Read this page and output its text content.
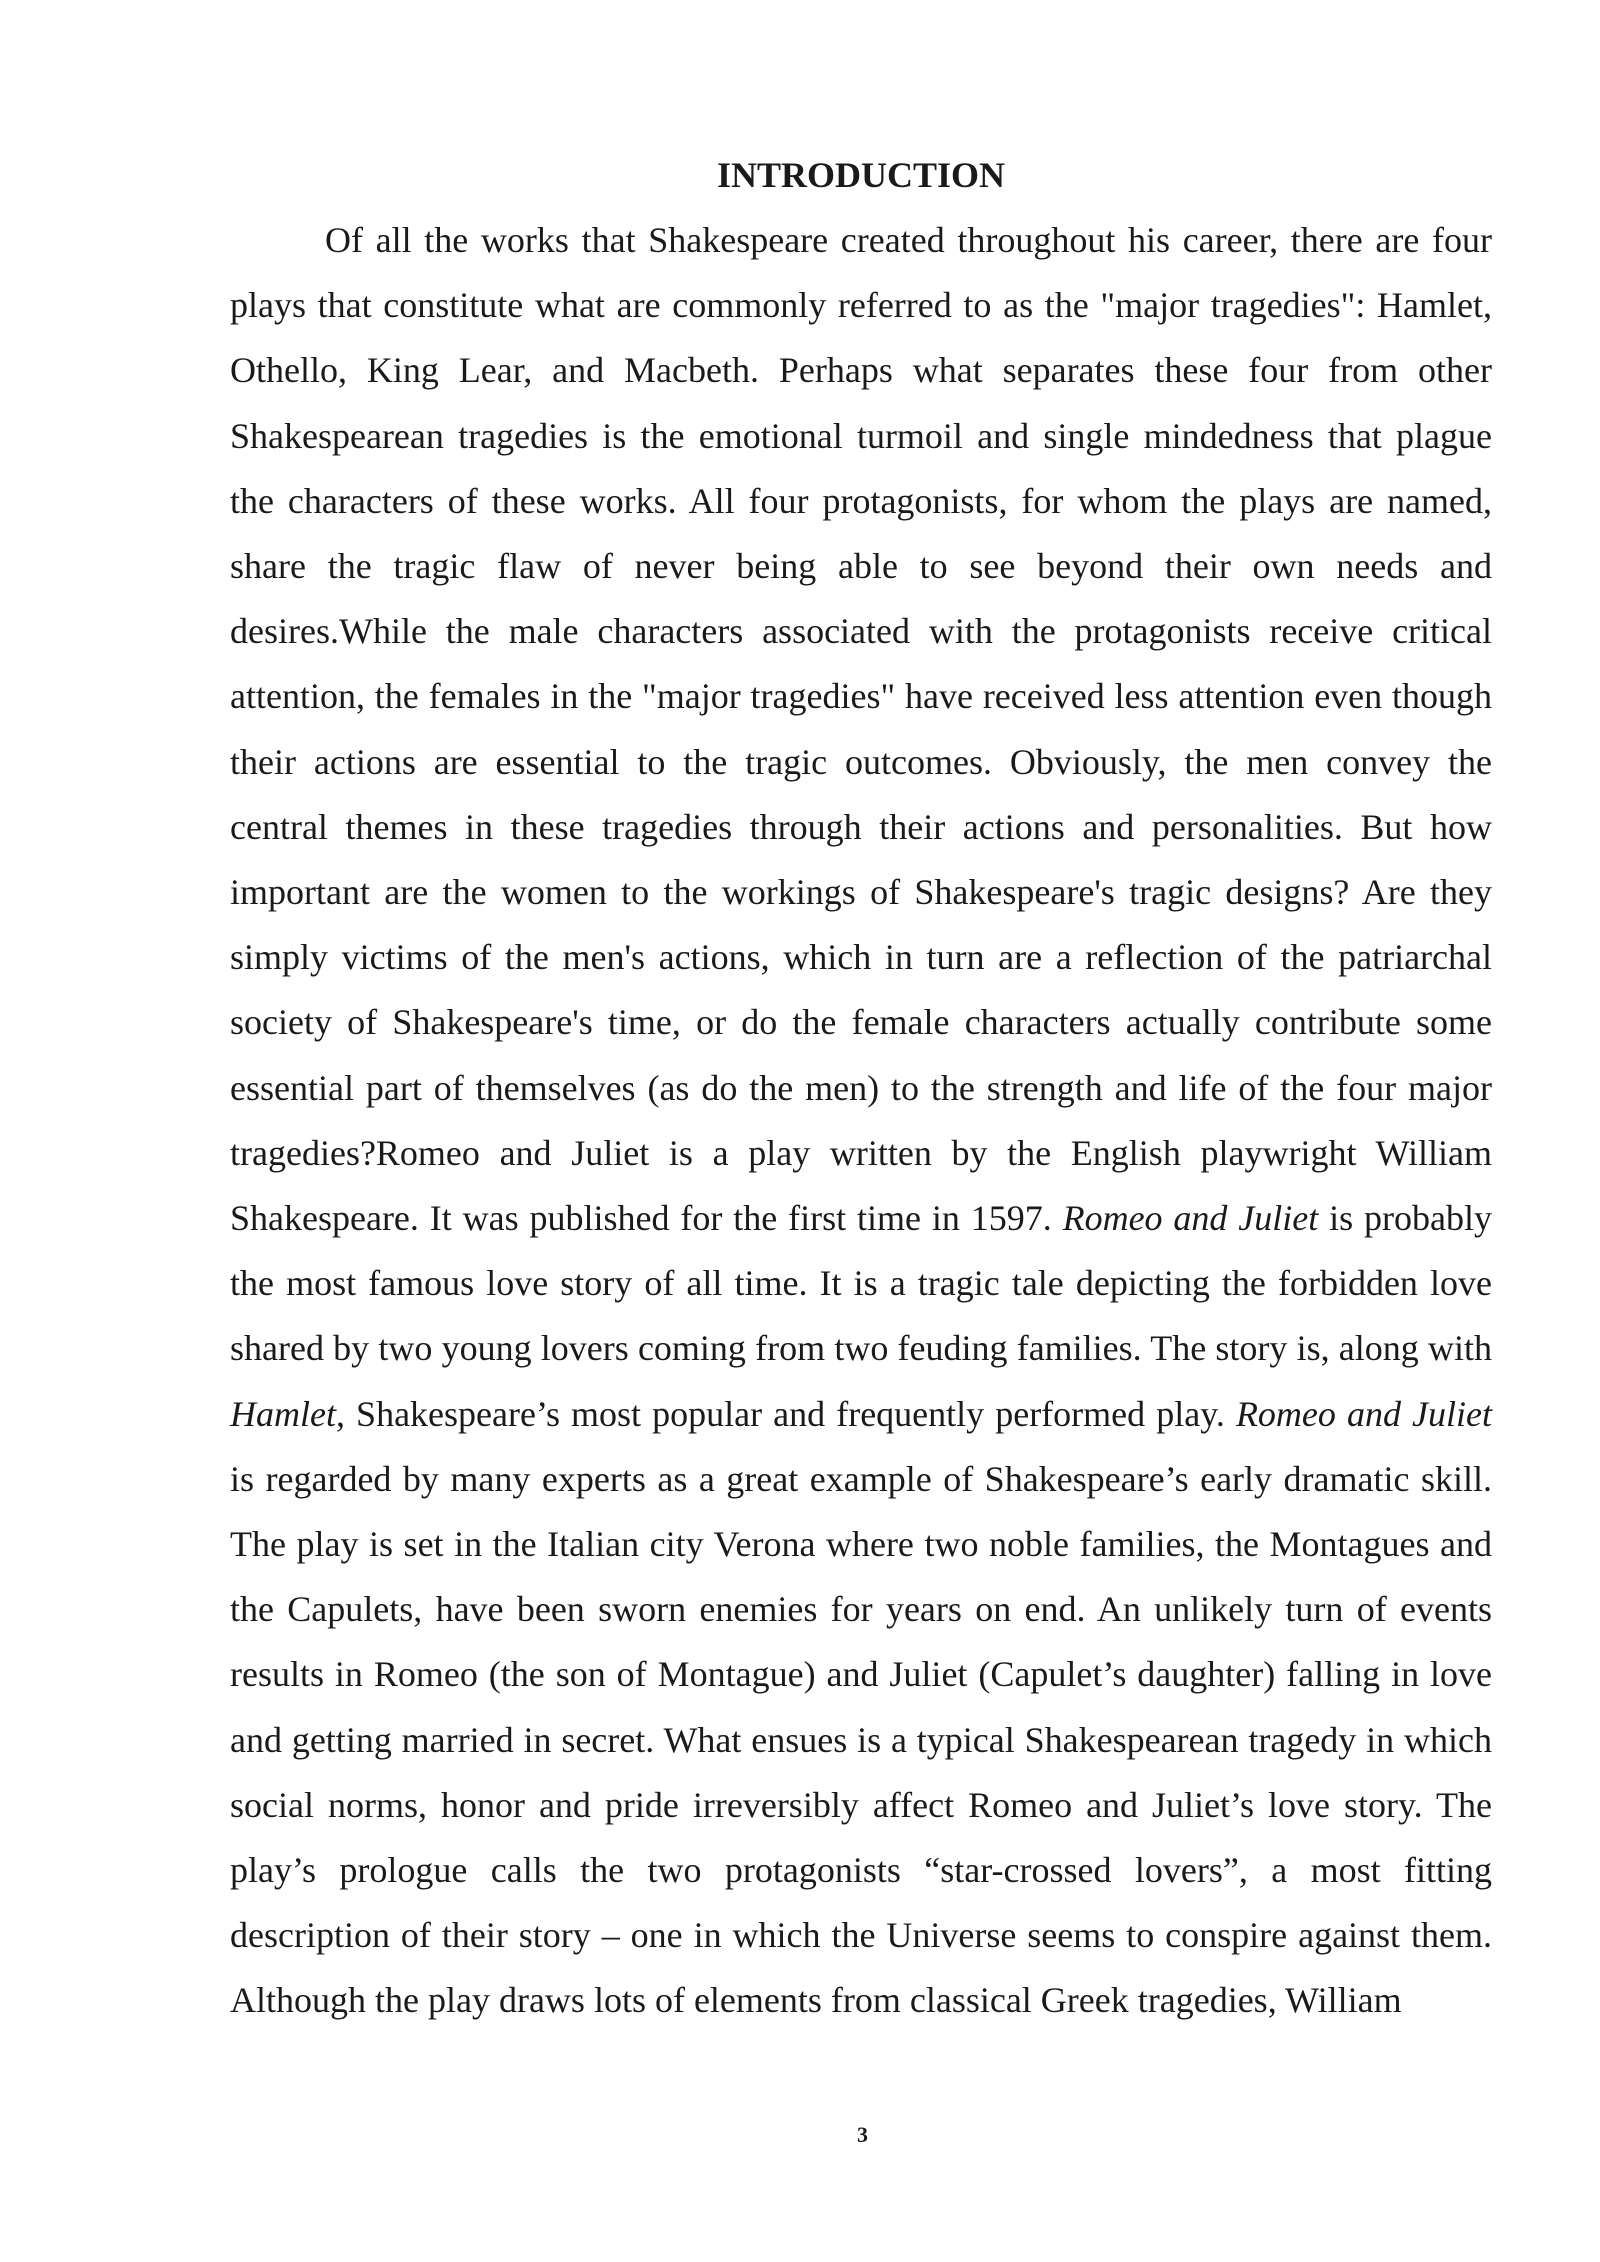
INTRODUCTION

Of all the works that Shakespeare created throughout his career, there are four plays that constitute what are commonly referred to as the "major tragedies": Hamlet, Othello, King Lear, and Macbeth. Perhaps what separates these four from other Shakespearean tragedies is the emotional turmoil and single mindedness that plague the characters of these works. All four protagonists, for whom the plays are named, share the tragic flaw of never being able to see beyond their own needs and desires.While the male characters associated with the protagonists receive critical attention, the females in the "major tragedies" have received less attention even though their actions are essential to the tragic outcomes. Obviously, the men convey the central themes in these tragedies through their actions and personalities. But how important are the women to the workings of Shakespeare's tragic designs? Are they simply victims of the men's actions, which in turn are a reflection of the patriarchal society of Shakespeare's time, or do the female characters actually contribute some essential part of themselves (as do the men) to the strength and life of the four major tragedies?Romeo and Juliet is a play written by the English playwright William Shakespeare. It was published for the first time in 1597. Romeo and Juliet is probably the most famous love story of all time. It is a tragic tale depicting the forbidden love shared by two young lovers coming from two feuding families. The story is, along with Hamlet, Shakespeare’s most popular and frequently performed play. Romeo and Juliet is regarded by many experts as a great example of Shakespeare’s early dramatic skill. The play is set in the Italian city Verona where two noble families, the Montagues and the Capulets, have been sworn enemies for years on end. An unlikely turn of events results in Romeo (the son of Montague) and Juliet (Capulet’s daughter) falling in love and getting married in secret. What ensues is a typical Shakespearean tragedy in which social norms, honor and pride irreversibly affect Romeo and Juliet’s love story. The play’s prologue calls the two protagonists “star-crossed lovers”, a most fitting description of their story – one in which the Universe seems to conspire against them. Although the play draws lots of elements from classical Greek tragedies, William

3
